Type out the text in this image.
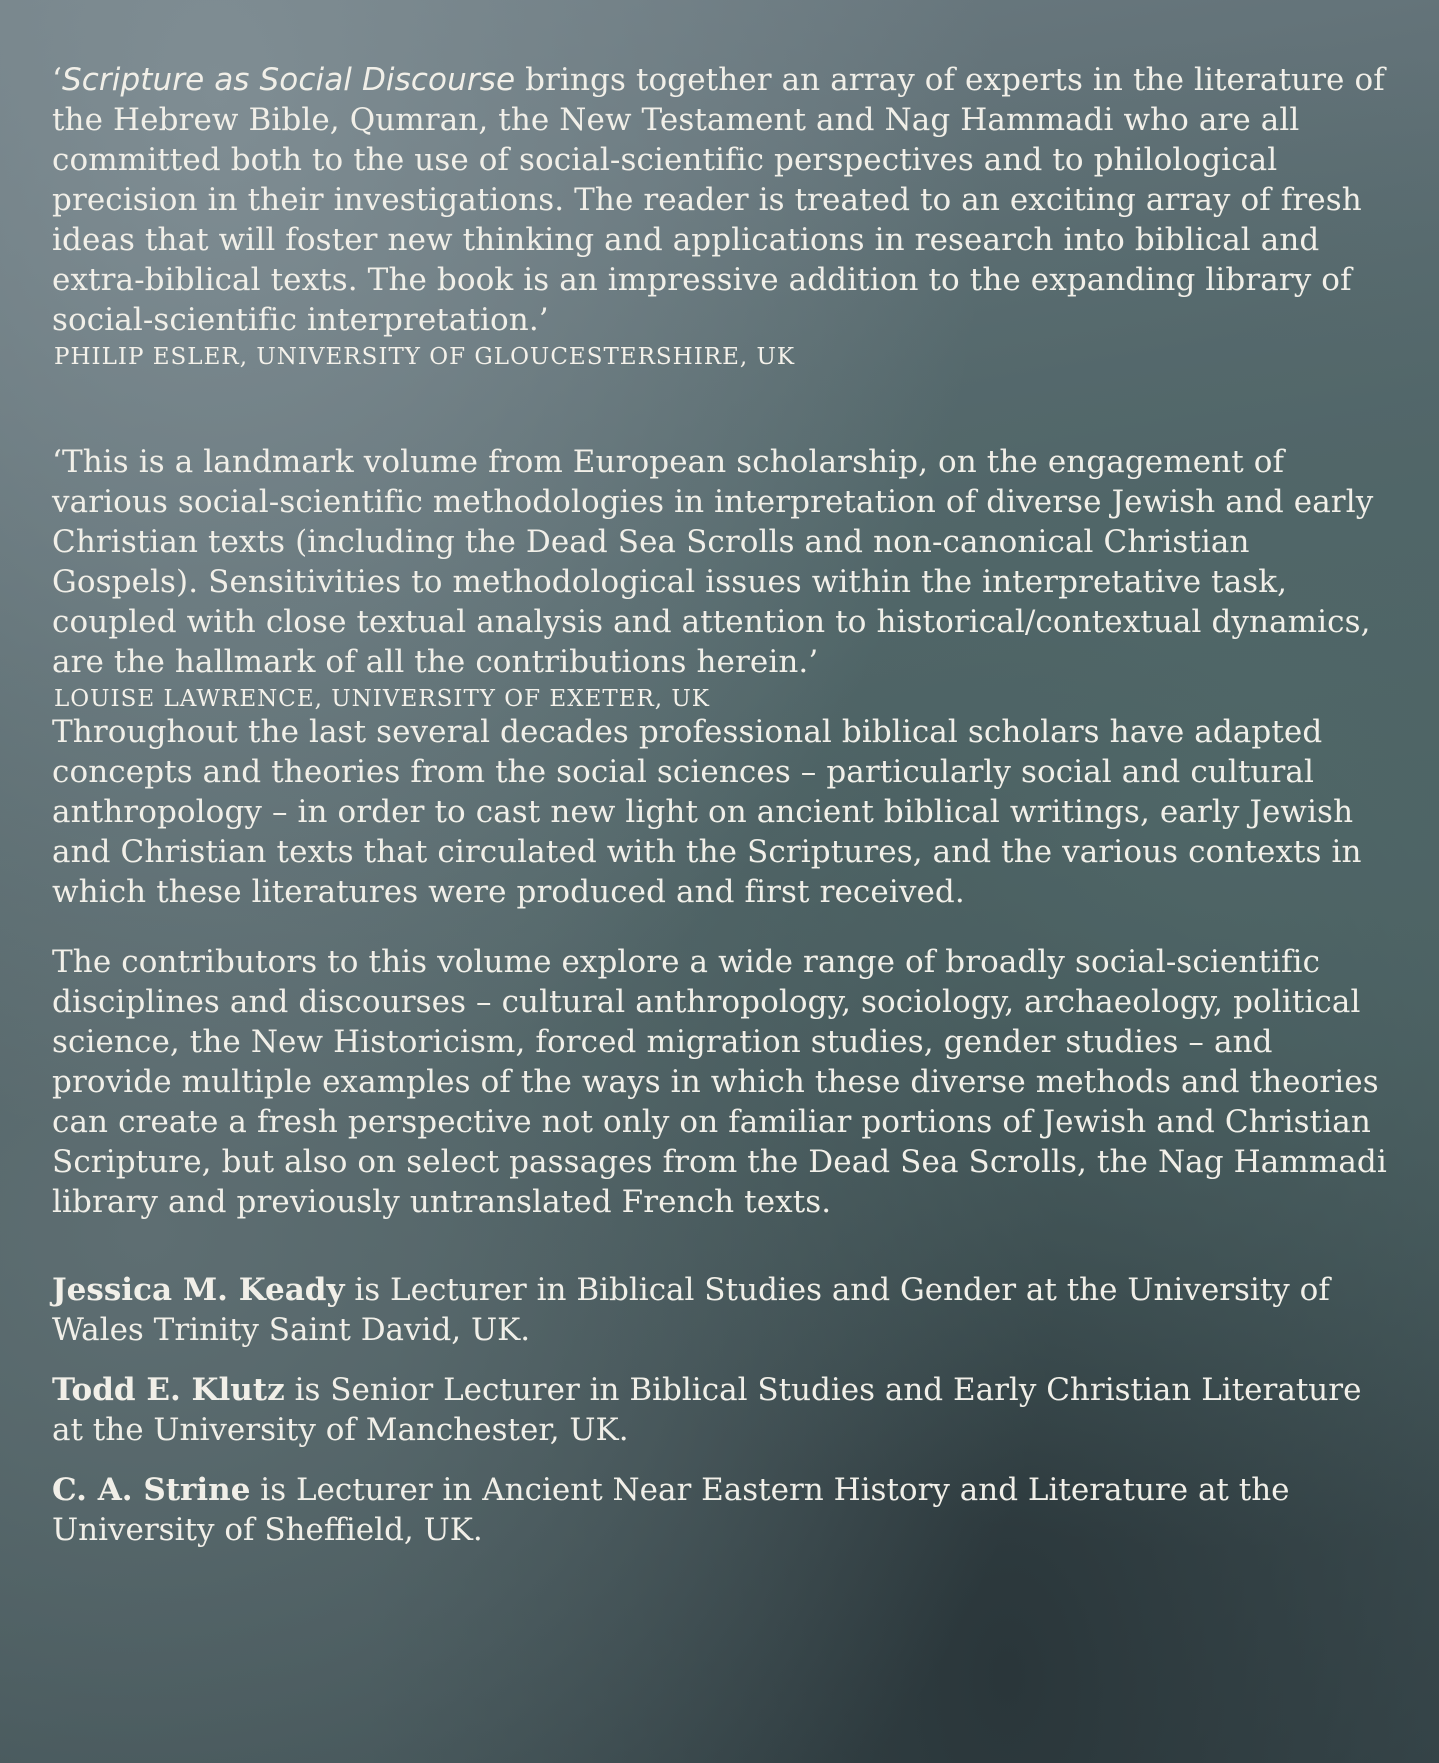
‘Scripture as Social Discourse brings together an array of experts in the literature of the Hebrew Bible, Qumran, the New Testament and Nag Hammadi who are all committed both to the use of social-scientific perspectives and to philological precision in their investigations. The reader is treated to an exciting array of fresh ideas that will foster new thinking and applications in research into biblical and extra-biblical texts. The book is an impressive addition to the expanding library of social-scientific interpretation.’

PHILIP ESLER, UNIVERSITY OF GLOUCESTERSHIRE, UK

‘This is a landmark volume from European scholarship, on the engagement of various social-scientific methodologies in interpretation of diverse Jewish and early Christian texts (including the Dead Sea Scrolls and non-canonical Christian Gospels). Sensitivities to methodological issues within the interpretative task, coupled with close textual analysis and attention to historical/contextual dynamics, are the hallmark of all the contributions herein.’

LOUISE LAWRENCE, UNIVERSITY OF EXETER, UK

Throughout the last several decades professional biblical scholars have adapted concepts and theories from the social sciences – particularly social and cultural anthropology – in order to cast new light on ancient biblical writings, early Jewish and Christian texts that circulated with the Scriptures, and the various contexts in which these literatures were produced and first received.

The contributors to this volume explore a wide range of broadly social-scientific disciplines and discourses – cultural anthropology, sociology, archaeology, political science, the New Historicism, forced migration studies, gender studies – and provide multiple examples of the ways in which these diverse methods and theories can create a fresh perspective not only on familiar portions of Jewish and Christian Scripture, but also on select passages from the Dead Sea Scrolls, the Nag Hammadi library and previously untranslated French texts.

Jessica M. Keady is Lecturer in Biblical Studies and Gender at the University of Wales Trinity Saint David, UK.

Todd E. Klutz is Senior Lecturer in Biblical Studies and Early Christian Literature at the University of Manchester, UK.

C. A. Strine is Lecturer in Ancient Near Eastern History and Literature at the University of Sheffield, UK.
